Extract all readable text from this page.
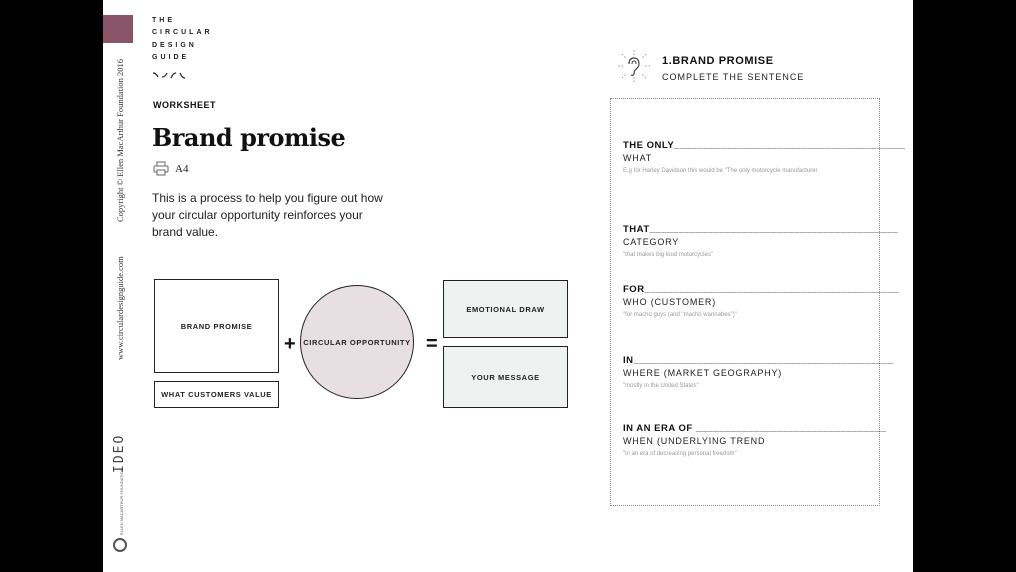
Copyright © Ellen MacArthur Foundation 2016
www.circulardesignguide.com
IDEO
ELLEN MACARTHUR FOUNDATION
THE
CIRCULAR
DESIGN
GUIDE
WORKSHEET
Brand promise
A4
This is a process to help you figure out how your circular opportunity reinforces your brand value.
BRAND PROMISE
WHAT CUSTOMERS VALUE
+	CIRCULAR OPPORTUNITY =
EMOTIONAL DRAW
YOUR MESSAGE
1.BRAND PROMISE
COMPLETE THE SENTENCE
THE ONLY________________________________________
WHAT
E.g for Harley Davidson this would be "The only motorcycle manufacturer
THAT___________________________________________
CATEGORY
"that makes big loud motorcycles"
FOR____________________________________________
WHO (CUSTOMER)
"for macho guys (and "macho wannabes")"
IN_____________________________________________
WHERE (MARKET GEOGRAPHY)
"mostly in the United States"
IN AN ERA OF _________________________________
WHEN (UNDERLYING TREND
"in an era of decreasing personal freedom"
